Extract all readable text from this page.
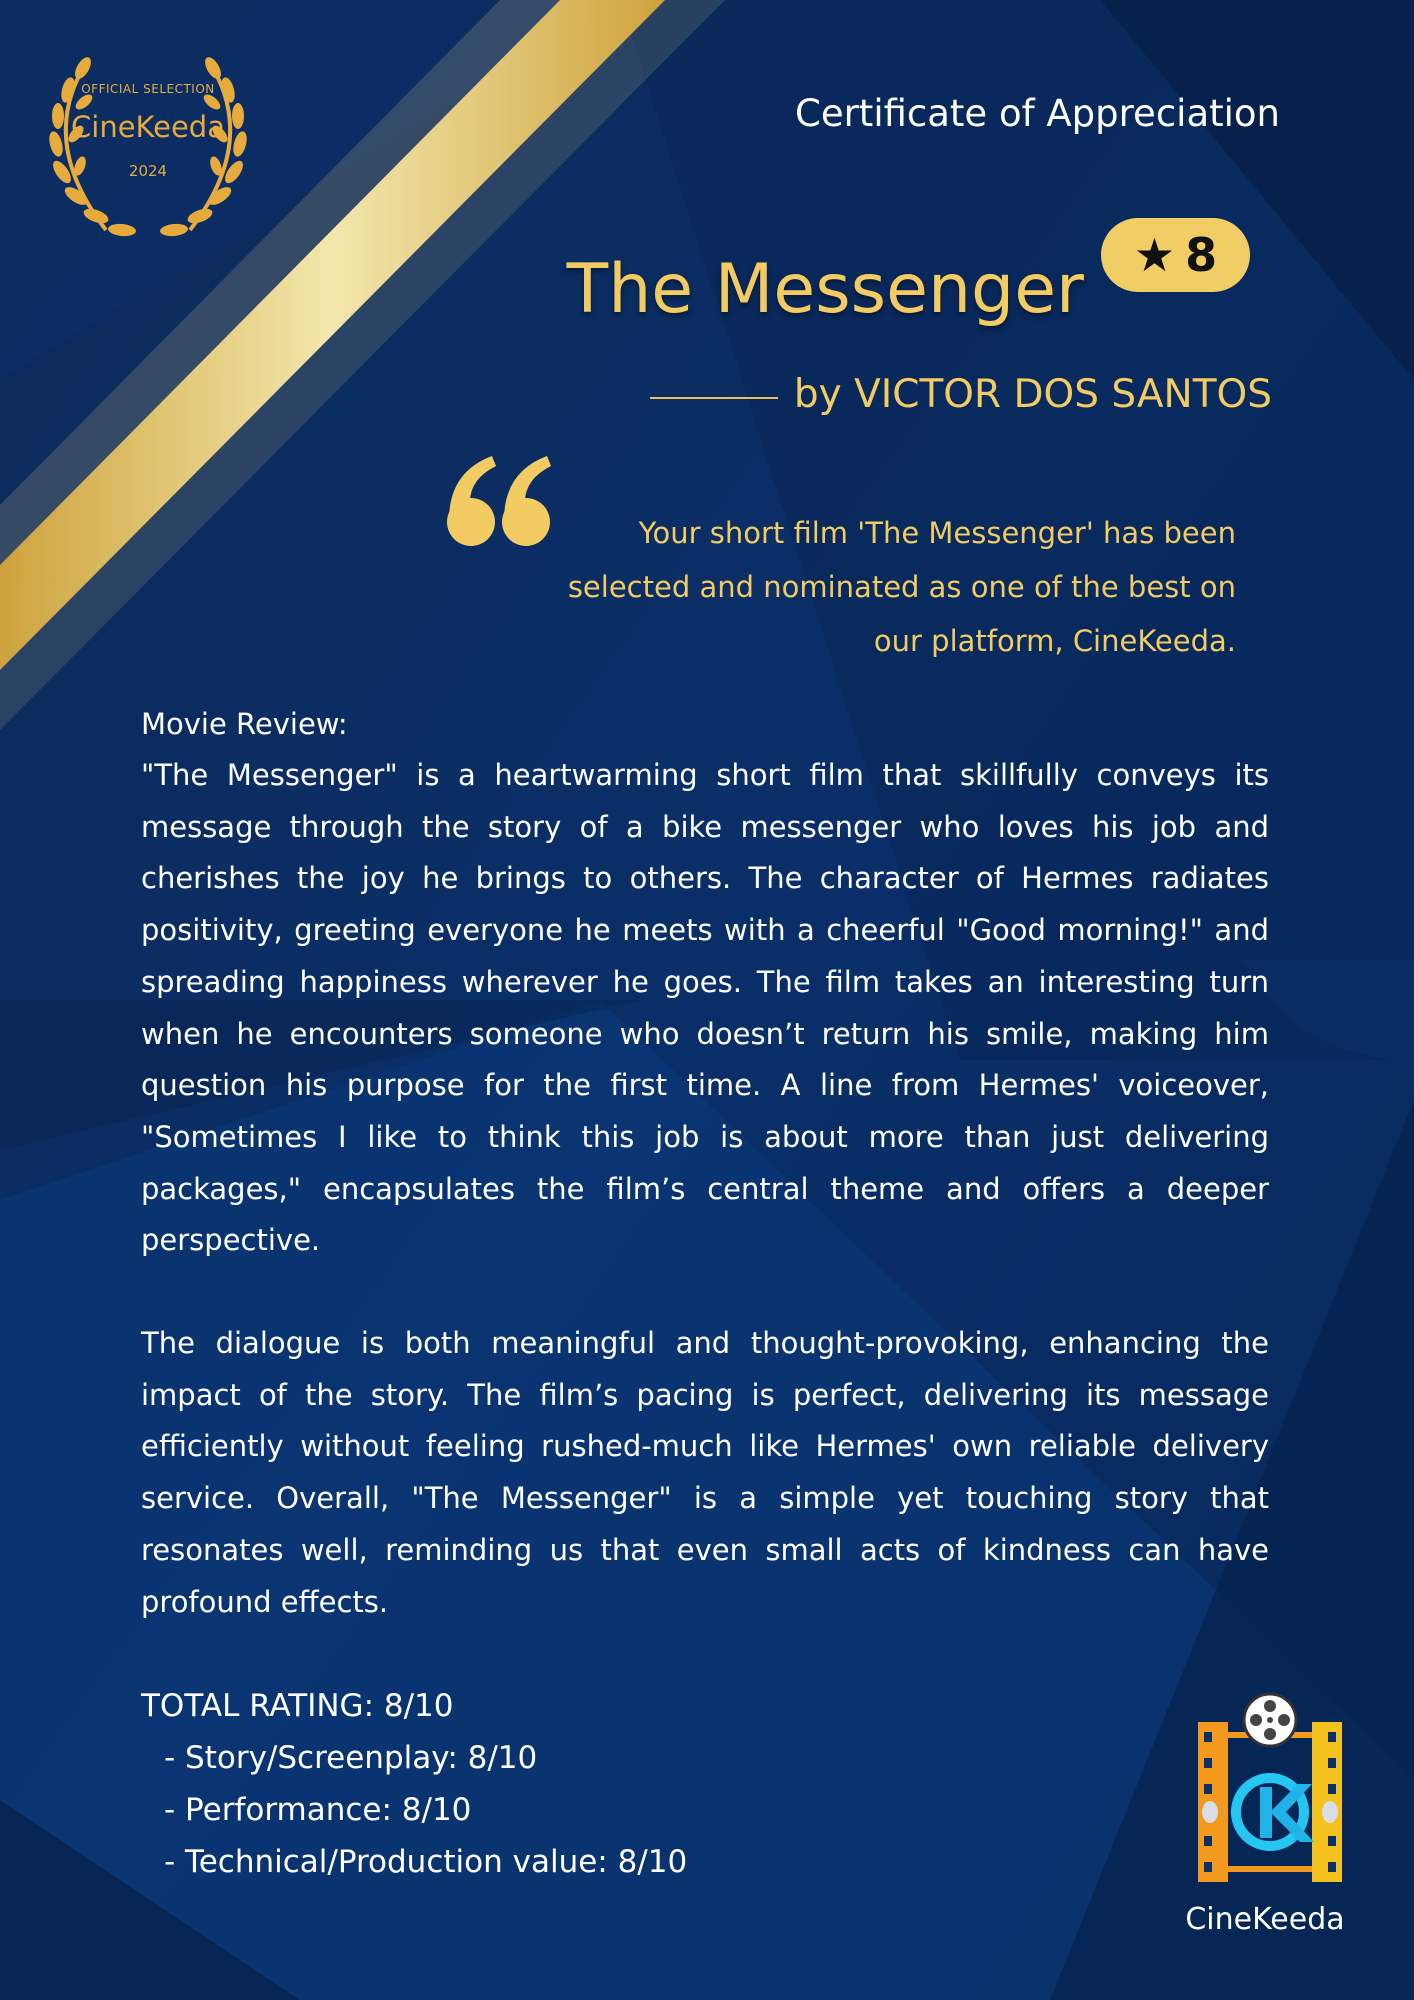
OFFICIAL SELECTION
CineKeeda
2024
Certificate of Appreciation
The Messenger ★ 8
by VICTOR DOS SANTOS
Your short film 'The Messenger' has been selected and nominated as one of the best on our platform, CineKeeda.
Movie Review:

"The Messenger" is a heartwarming short film that skillfully conveys its message through the story of a bike messenger who loves his job and cherishes the joy he brings to others. The character of Hermes radiates positivity, greeting everyone he meets with a cheerful "Good morning!" and spreading happiness wherever he goes. The film takes an interesting turn when he encounters someone who doesn’t return his smile, making him question his purpose for the first time. A line from Hermes' voiceover, "Sometimes I like to think this job is about more than just delivering packages," encapsulates the film’s central theme and offers a deeper perspective.

The dialogue is both meaningful and thought-provoking, enhancing the impact of the story. The film’s pacing is perfect, delivering its message efficiently without feeling rushed-much like Hermes' own reliable delivery service. Overall, "The Messenger" is a simple yet touching story that resonates well, reminding us that even small acts of kindness can have profound effects.

TOTAL RATING: 8/10
- Story/Screenplay: 8/10
- Performance: 8/10
- Technical/Production value: 8/10
CineKeeda
